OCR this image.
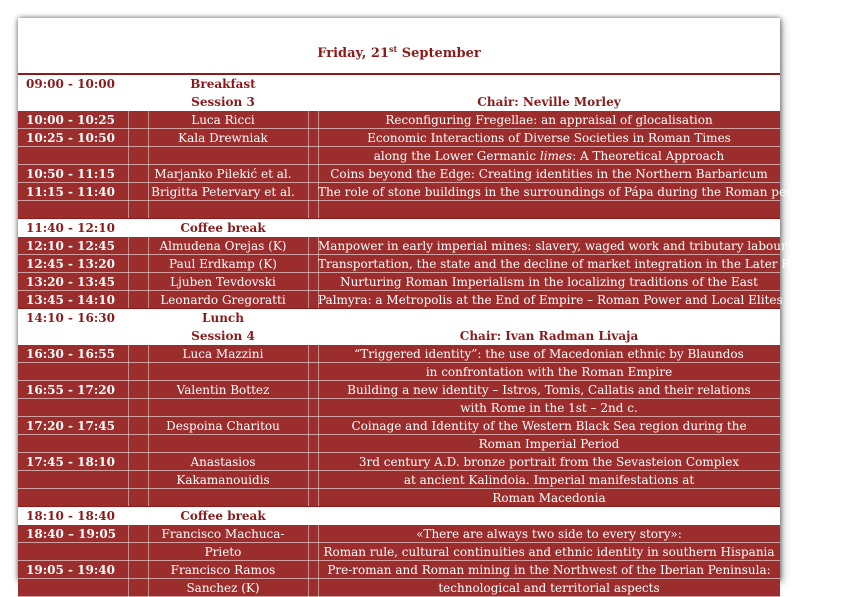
Friday, 21st September
09:00 - 10:00	Breakfast
Session 3	Chair: Neville Morley
10:00 - 10:25	Luca Ricci	Reconfiguring Fregellae: an appraisal of glocalisation
10:25 - 10:50	Kala Drewniak	Economic Interactions of Diverse Societies in Roman Times
along the Lower Germanic limes: A Theoretical Approach
10:50 - 11:15	Marjanko Pilekić et al.	Coins beyond the Edge: Creating identities in the Northern Barbaricum
11:15 - 11:40	Brigitta Petervary et al.	The role of stone buildings in the surroundings of Pápa during the Roman period
11:40 - 12:10	Coffee break
12:10 - 12:45	Almudena Orejas (K)	Manpower in early imperial mines: slavery, waged work and tributary labour
12:45 - 13:20	Paul Erdkamp (K)	Transportation, the state and the decline of market integration in the Later Roman West
13:20 - 13:45	Ljuben Tevdovski	Nurturing Roman Imperialism in the localizing traditions of the East
13:45 - 14:10	Leonardo Gregoratti	Palmyra: a Metropolis at the End of Empire – Roman Power and Local Elites
14:10 - 16:30	Lunch
Session 4	Chair: Ivan Radman Livaja
16:30 - 16:55	Luca Mazzini	“Triggered identity”: the use of Macedonian ethnic by Blaundos
in confrontation with the Roman Empire
16:55 - 17:20	Valentin Bottez	Building a new identity – Istros, Tomis, Callatis and their relations
with Rome in the 1st – 2nd c.
17:20 - 17:45	Despoina Charitou	Coinage and Identity of the Western Black Sea region during the
Roman Imperial Period
17:45 - 18:10	Anastasios	3rd century A.D. bronze portrait from the Sevasteion Complex
Kakamanouidis	at ancient Kalindoia. Imperial manifestations at
Roman Macedonia
18:10 - 18:40	Coffee break
18:40 – 19:05	Francisco Machuca-	«There are always two side to every story»:
Prieto	Roman rule, cultural continuities and ethnic identity in southern Hispania
19:05 - 19:40	Francisco Ramos	Pre-roman and Roman mining in the Northwest of the Iberian Peninsula:
Sanchez (K)	technological and territorial aspects
